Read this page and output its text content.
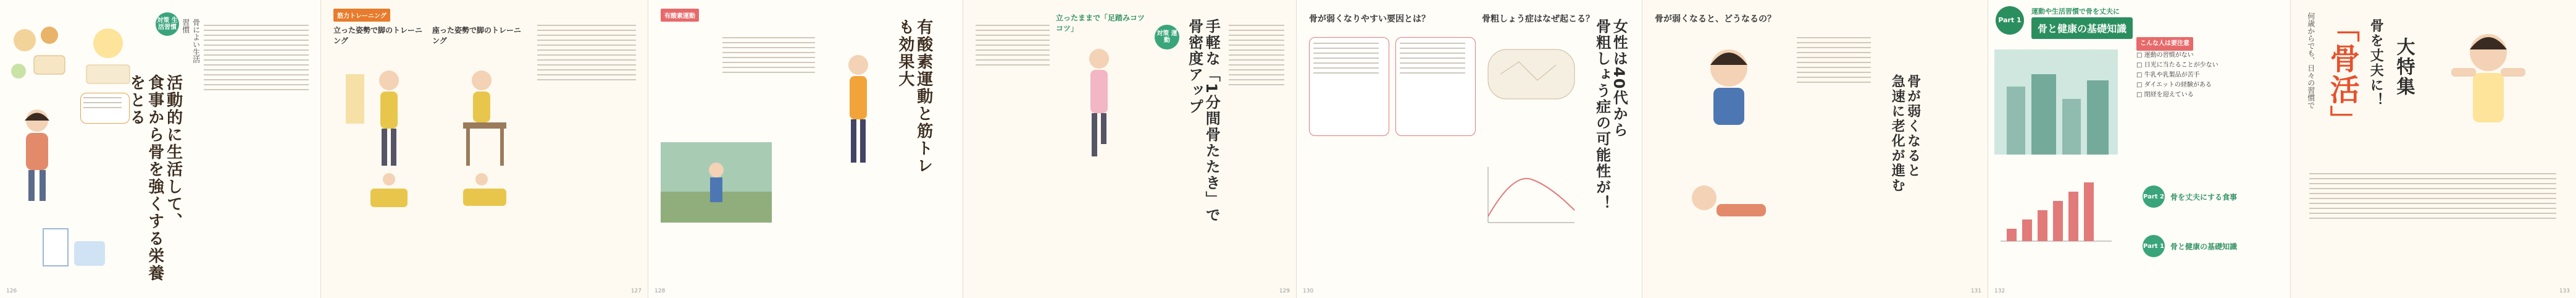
活動的に生活して、
食事から骨を強くする栄養をとる
骨によい生活習慣
対策 生活習慣
126
筋力トレーニング
立った姿勢で脚のトレーニング
座った姿勢で脚のトレーニング
127
有酸素運動
有酸素運動と筋トレ
も効果大
128
立ったままで「足踏みコツコツ」
対策 運動	手軽な「1分間骨たたき」で
骨密度アップ
129
骨が弱くなりやすい要因とは？	骨粗しょう症はなぜ起こる？	女性は40代から
骨粗しょう症の可能性が！
130
骨が弱くなると、どうなるの？
骨が弱くなると
急速に老化が進む
131
Part 1
運動や生活習慣で骨を丈夫に
骨と健康の基礎知識
こんな人は要注意
□ 運動の習慣がない
□ 日光に当たることが少ない
□ 牛乳や乳製品が苦手
□ ダイエットの経験がある
□ 閉経を迎えている
Part 2 骨を丈夫にする食事
Part 1 骨と健康の基礎知識
132
何歳からでも、日々の習慣で 「骨活」 骨を丈夫に！ 大特集
133
